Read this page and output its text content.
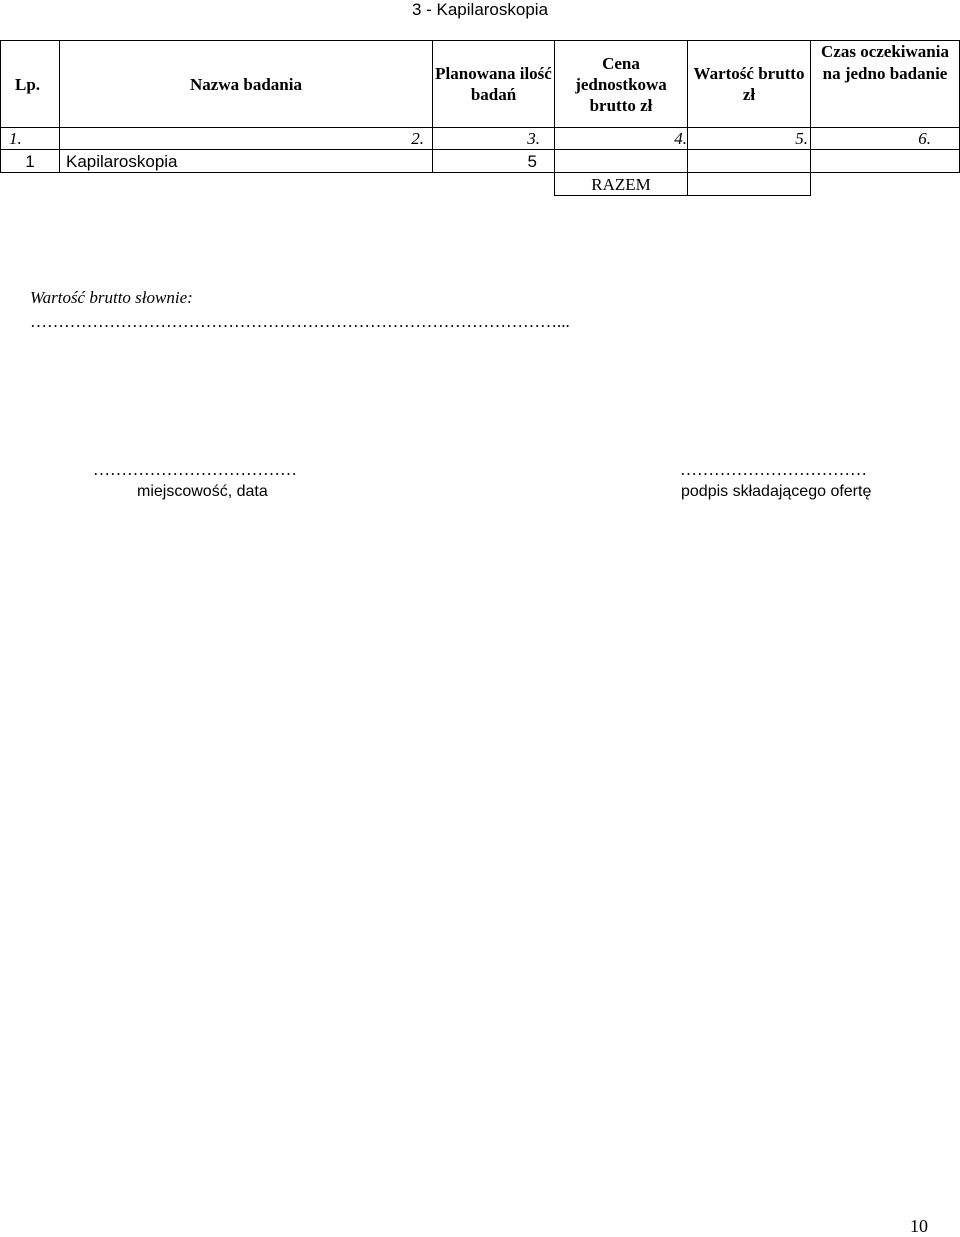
3 - Kapilaroskopia
Lp.	Nazwa badania	Planowana ilość badań	Cena jednostkowa brutto zł	Wartość brutto zł	Czas oczekiwania na jedno badanie
1.	2.	3.	4.	5.	6.
1	Kapilaroskopia	5			
			RAZEM		
Wartość brutto słownie:
…………………………………………………………………………………...
………………………………
miejscowość, data
……………………………
podpis składającego ofertę
10
